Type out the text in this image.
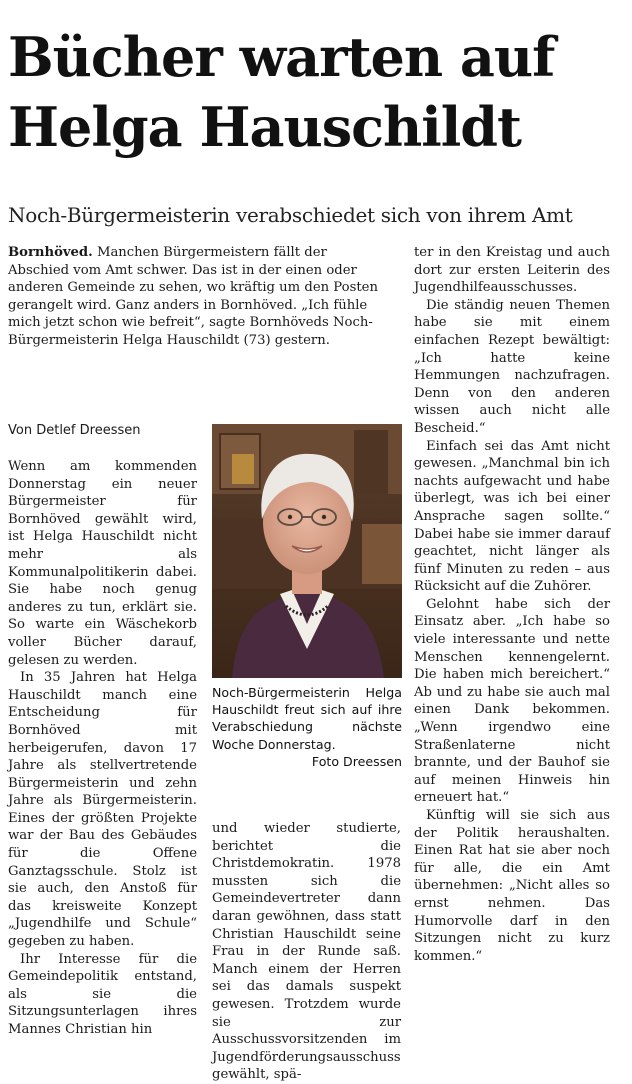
Bücher warten auf Helga Hauschildt
Noch-Bürgermeisterin verabschiedet sich von ihrem Amt

Bornhöved. Manchen Bürgermeistern fällt der Abschied vom Amt schwer. Das ist in der einen oder anderen Gemeinde zu sehen, wo kräftig um den Posten gerangelt wird. Ganz anders in Bornhöved. „Ich fühle mich jetzt schon wie befreit“, sagte Bornhöveds Noch-Bürgermeisterin Helga Hauschildt (73) gestern.

Von Detlef Dreessen

Wenn am kommenden Donnerstag ein neuer Bürgermeister für Bornhöved gewählt wird, ist Helga Hauschildt nicht mehr als Kommunalpolitikerin dabei. Sie habe noch genug anderes zu tun, erklärt sie. So warte ein Wäschekorb voller Bücher darauf, gelesen zu werden.

In 35 Jahren hat Helga Hauschildt manch eine Entscheidung für Bornhöved mit herbeigerufen, davon 17 Jahre als stellvertretende Bürgermeisterin und zehn Jahre als Bürgermeisterin. Eines der größten Projekte war der Bau des Gebäudes für die Offene Ganztagsschule. Stolz ist sie auch, den Anstoß für das kreisweite Konzept „Jugendhilfe und Schule“ gegeben zu haben.

Ihr Interesse für die Gemeindepolitik entstand, als sie die Sitzungsunterlagen ihres Mannes Christian hin

Noch-Bürgermeisterin Helga Hauschildt freut sich auf ihre Verabschiedung nächste Woche Donnerstag.
Foto Dreessen

und wieder studierte, berichtet die Christdemokratin. 1978 mussten sich die Gemeindevertreter dann daran gewöhnen, dass statt Christian Hauschildt seine Frau in der Runde saß. Manch einem der Herren sei das damals suspekt gewesen. Trotzdem wurde sie zur Ausschussvorsitzenden im Jugendförderungsausschuss gewählt, spä-

ter in den Kreistag und auch dort zur ersten Leiterin des Jugendhilfeausschusses.

Die ständig neuen Themen habe sie mit einem einfachen Rezept bewältigt: „Ich hatte keine Hemmungen nachzufragen. Denn von den anderen wissen auch nicht alle Bescheid.“

Einfach sei das Amt nicht gewesen. „Manchmal bin ich nachts aufgewacht und habe überlegt, was ich bei einer Ansprache sagen sollte.“ Dabei habe sie immer darauf geachtet, nicht länger als fünf Minuten zu reden – aus Rücksicht auf die Zuhörer.

Gelohnt habe sich der Einsatz aber. „Ich habe so viele interessante und nette Menschen kennengelernt. Die haben mich bereichert.“ Ab und zu habe sie auch mal einen Dank bekommen. „Wenn irgendwo eine Straßenlaterne nicht brannte, und der Bauhof sie auf meinen Hinweis hin erneuert hat.“

Künftig will sie sich aus der Politik heraushalten. Einen Rat hat sie aber noch für alle, die ein Amt übernehmen: „Nicht alles so ernst nehmen. Das Humorvolle darf in den Sitzungen nicht zu kurz kommen.“
